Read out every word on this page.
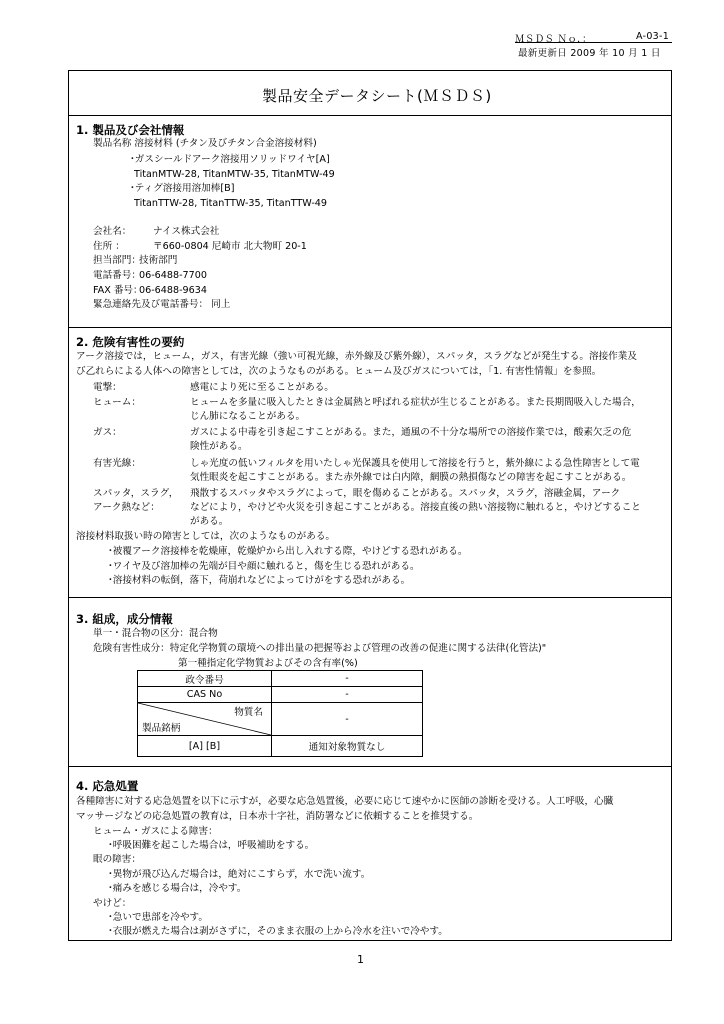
ＭＳＤＳ Ｎｏ．：	A-03-1
最新更新日 2009 年 10 月 1 日
製品安全データシート(ＭＳＤＳ)
1. 製品及び会社情報
製品名称 溶接材料 (チタン及びチタン合金溶接材料)
･ガスシールドアーク溶接用ソリッドワイヤ[A]
TitanMTW-28, TitanMTW-35, TitanMTW-49
･ティグ溶接用溶加棒[B]
TitanTTW-28, TitanTTW-35, TitanTTW-49
会社名： ナイス株式会社
住所 ：	〒660-0804 尼崎市 北大物町 20-1
担当部門：
技術部門
電話番号：
06-6488-7700
FAX 番号：
06-6488-9634
緊急連絡先及び電話番号： 同上
2. 危険有害性の要約
アーク溶接では，ヒューム，ガス，有害光線（強い可視光線，赤外線及び紫外線），スパッタ，スラグなどが発生する。溶接作業及
び乙れらによる人体への障害としては，次のようなものがある。ヒューム及びガスについては，「1. 有害性情報」を参照。
電撃：	感電により死に至ることがある。
ヒューム：	ヒュームを多量に吸入したときは金属熱と呼ばれる症状が生じることがある。また長期間吸入した場合，
じん肺になることがある。
ガス：	ガスによる中毒を引き起こすことがある。また，通風の不十分な場所での溶接作業では，酸素欠乏の危
険性がある。
有害光線：	しゃ光度の低いフィルタを用いたしゃ光保護具を使用して溶接を行うと，紫外線による急性障害として電
気性眼炎を起こすことがある。また赤外線では白内障，網膜の熱損傷などの障害を起こすことがある。
スパッタ，スラグ， 飛散するスパッタやスラグによって，眼を傷めることがある。スパッタ，スラグ，溶融金属，アーク
アーク熱など：	などにより，やけどや火災を引き起こすことがある。溶接直後の熱い溶接物に触れると，やけどすること
がある。
溶接材料取扱い時の障害としては，次のようなものがある。
･被覆アーク溶接棒を乾燥庫，乾燥炉から出し入れする際，やけどする恐れがある。
･ワイヤ及び溶加棒の先端が目や顔に触れると，傷を生じる恐れがある。
･溶接材料の転倒，落下，荷崩れなどによってけがをする恐れがある。
3. 組成，成分情報
単一・混合物の区分：混合物
危険有害性成分：特定化学物質の環境への排出量の把握等および管理の改善の促進に関する法律(化管法)"
第一種指定化学物質およびその含有率(%)
政令番号	-
CAS No	-

物質名
製品銘柄	-
[A] [B]	通知対象物質なし
4. 応急処置
各種障害に対する応急処置を以下に示すが，必要な応急処置後，必要に応じて速やかに医師の診断を受ける。人工呼吸，心臓
マッサージなどの応急処置の教育は，日本赤十字社，消防署などに依頼することを推奨する。
ヒューム・ガスによる障害：
･呼吸困難を起こした場合は，呼吸補助をする。
眼の障害：
･異物が飛び込んだ場合は，絶対にこすらず，水で洗い流す。
･痛みを感じる場合は，冷やす。
やけど：
･急いで患部を冷やす。
･衣服が燃えた場合は剥がさずに，そのまま衣服の上から冷水を注いで冷やす。
1
